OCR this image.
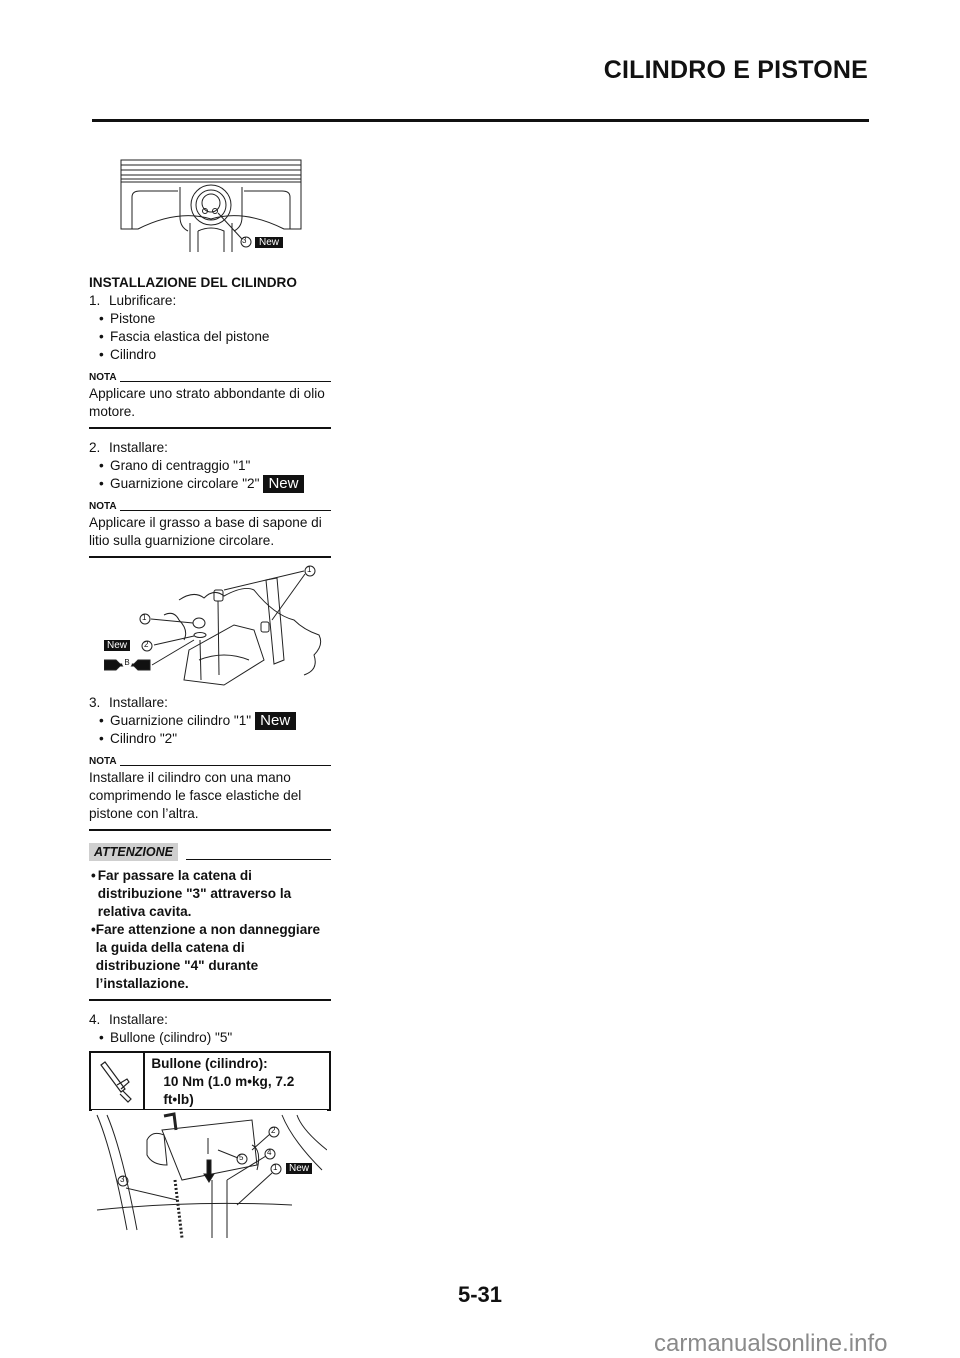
CILINDRO E PISTONE
3	New
INSTALLAZIONE DEL CILINDRO
1. Lubrificare:
• Pistone
• Fascia elastica del pistone
• Cilindro
NOTA
Applicare uno strato abbondante di olio motore.
2. Installare:
• Grano di centraggio "1"
• Guarnizione circolare "2" New
NOTA
Applicare il grasso a base di sapone di litio sulla guarnizione circolare.
1
1
2
New
B
3. Installare:
• Guarnizione cilindro "1" New
• Cilindro "2"
NOTA
Installare il cilindro con una mano comprimendo le fasce elastiche del pistone con l’altra.
ATTENZIONE
• Far passare la catena di distribuzione "3" attraverso la relativa cavita.
• Fare attenzione a non danneggiare la guida della catena di distribuzione "4" durante l’installazione.
4. Installare:
• Bullone (cilindro) "5"
Bullone (cilindro):
10 Nm (1.0 m•kg, 7.2 ft•lb)
2
5
4
1
3
New
5-31
carmanualsonline.info
